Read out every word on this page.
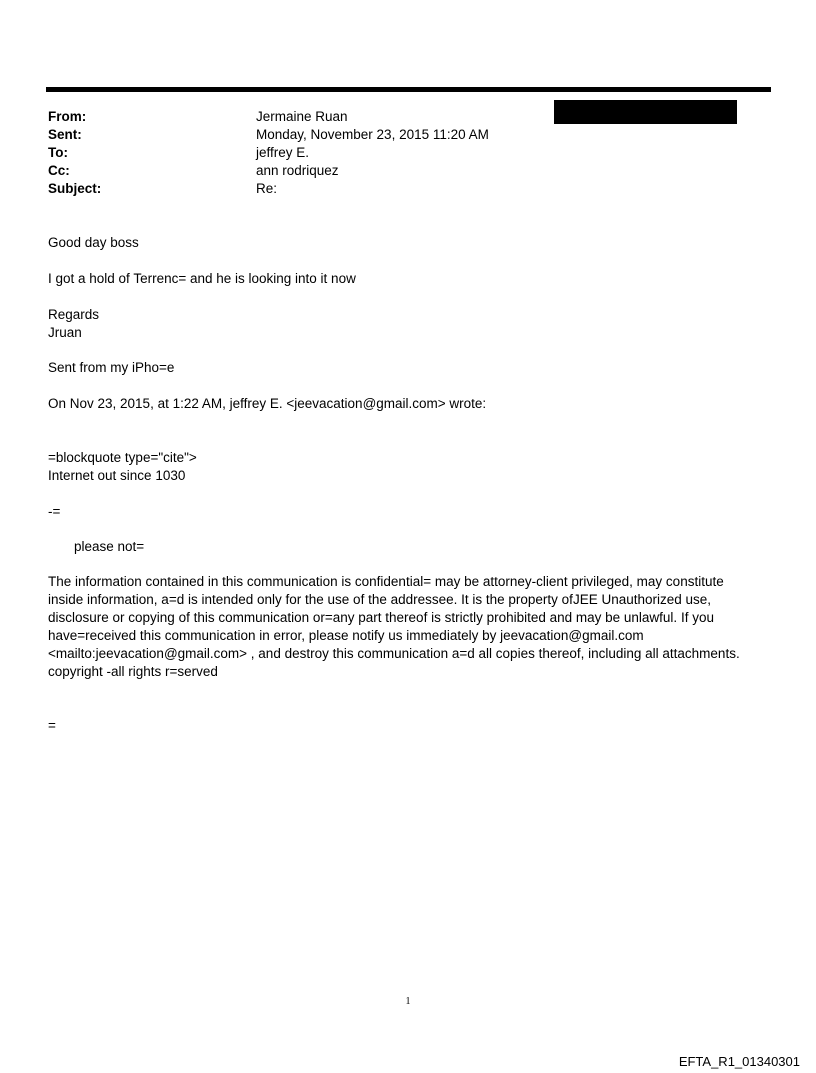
From:	Jermaine Ruan
Sent:	Monday, November 23, 2015 11:20 AM
To:	jeffrey E.
Cc:	ann rodriquez
Subject:	Re:
Good day boss
I got a hold of Terrenc= and he is looking into it now
Regards
Jruan
Sent from my iPho=e
On Nov 23, 2015, at 1:22 AM, jeffrey E. <jeevacation@gmail.com> wrote:
=blockquote type="cite">
Internet out since 1030
-=
please not=
The information contained in this communication is confidential= may be attorney-client privileged, may constitute
inside information, a=d is intended only for the use of the addressee. It is the property ofJEE Unauthorized use,
disclosure or copying of this communication or=any part thereof is strictly prohibited and may be unlawful. If you
have=received this communication in error, please notify us immediately by jeevacation@gmail.com
<mailto:jeevacation@gmail.com> , and destroy this communication a=d all copies thereof, including all attachments.
copyright -all rights r=served
=
1
EFTA_R1_01340301
